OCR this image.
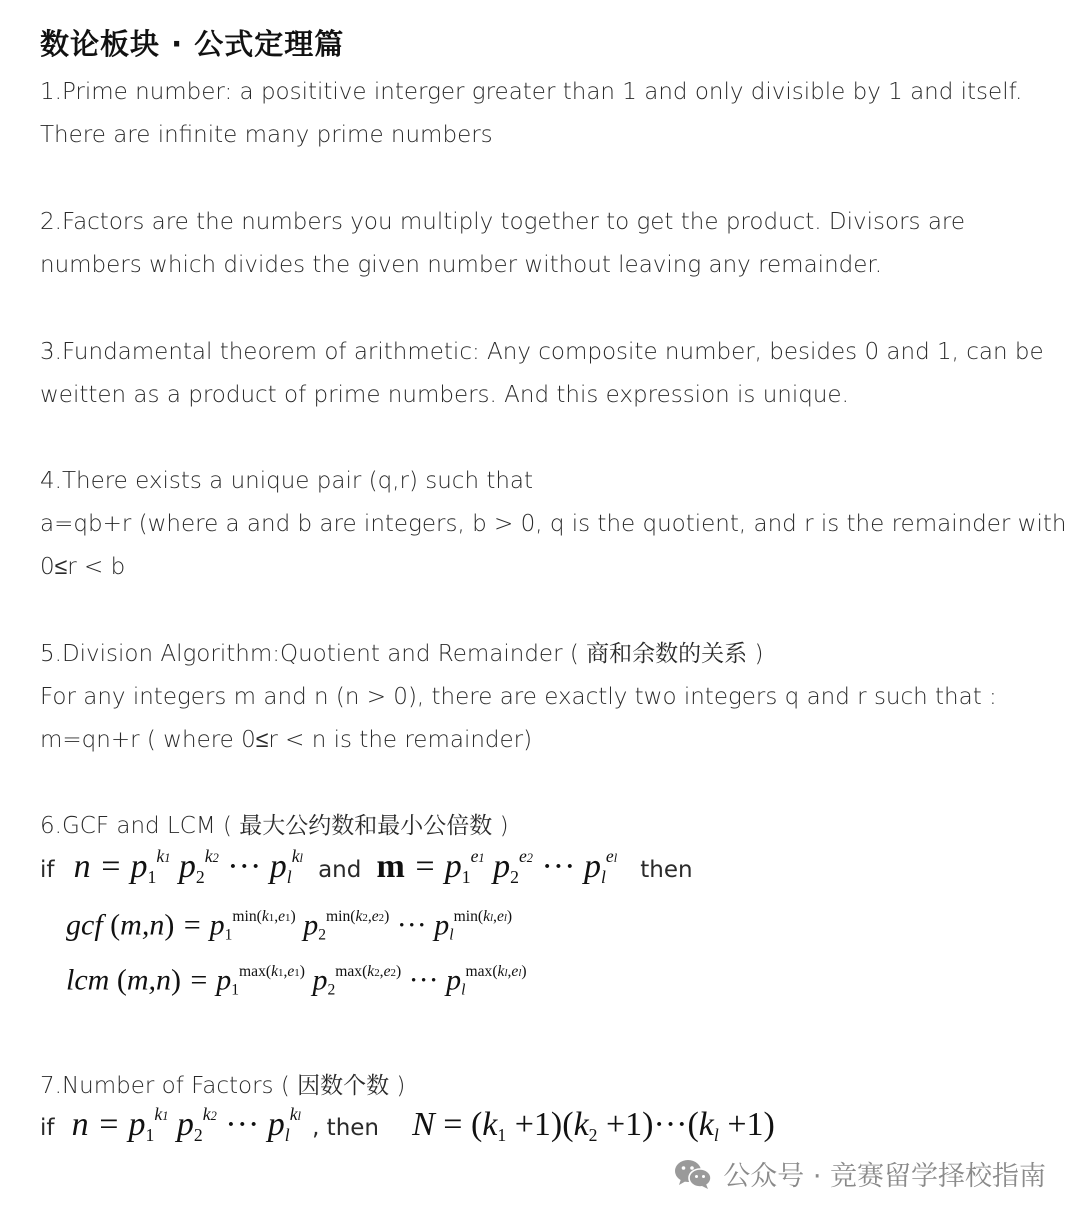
数论板块 · 公式定理篇
1.Prime number: a posititive interger greater than 1 and only divisible by 1 and itself.
There are infinite many prime numbers
2.Factors are the numbers you multiply together to get the product. Divisors are
numbers which divides the given number without leaving any remainder.
3.Fundamental theorem of arithmetic: Any composite number, besides 0 and 1, can be
weitten as a product of prime numbers. And this expression is unique.
4.There exists a unique pair (q,r) such that
a=qb+r (where a and b are integers, b > 0, q is the quotient, and r is the remainder with
0≤r < b
5.Division Algorithm:Quotient and Remainder ( 商和余数的关系 )
For any integers m and n (n > 0), there are exactly two integers q and r such that :
m=qn+r ( where 0≤r < n is the remainder)
6.GCF and LCM ( 最大公约数和最小公倍数 )
if $n = p_1^{k1}$ $p_2^{k2}$ ··· $p_l^{kl}$ and $m = p_1^{e1}$ $p_2^{e2}$ ··· $p_l^{el}$ then
gcf $(m,n) = p_1^{min(k1,e1)}$ $p_2^{min(k2,e2)}$ ··· $p_l^{min(kl,el)}$
lcm $(m,n) = p_1^{max(k1,e1)}$ $p_2^{max(k2,e2)}$ ··· $p_l^{max(kl,el)}$
7.Number of Factors ( 因数个数 )
if $n = p_1^{k1}$ $p_2^{k2}$ ··· $p_l^{kl}$ , then $N = (k_1 +1)(k_2 +1)\cdot\cdot\cdot(k_l +1)$
公众号 · 竞赛留学择校指南
